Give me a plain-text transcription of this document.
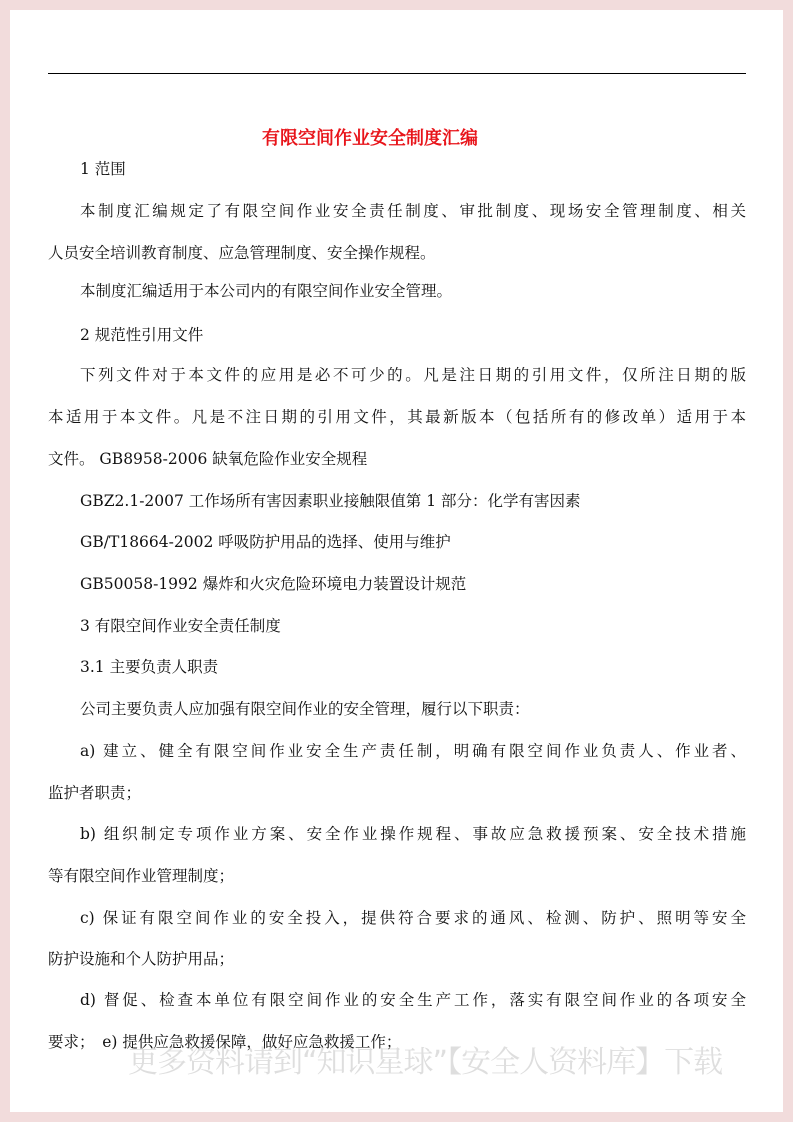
有限空间作业安全制度汇编
1 范围
本制度汇编规定了有限空间作业安全责任制度、审批制度、现场安全管理制度、相关
人员安全培训教育制度、应急管理制度、安全操作规程。
本制度汇编适用于本公司内的有限空间作业安全管理。
2 规范性引用文件
下列文件对于本文件的应用是必不可少的。凡是注日期的引用文件，仅所注日期的版
本适用于本文件。凡是不注日期的引用文件，其最新版本（包括所有的修改单）适用于本
文件。 GB8958-2006 缺氧危险作业安全规程
GBZ2.1-2007 工作场所有害因素职业接触限值第 1 部分：化学有害因素
GB/T18664-2002 呼吸防护用品的选择、使用与维护
GB50058-1992 爆炸和火灾危险环境电力装置设计规范
3 有限空间作业安全责任制度
3.1 主要负责人职责
公司主要负责人应加强有限空间作业的安全管理，履行以下职责：
a) 建立、健全有限空间作业安全生产责任制，明确有限空间作业负责人、作业者、
监护者职责；
b) 组织制定专项作业方案、安全作业操作规程、事故应急救援预案、安全技术措施
等有限空间作业管理制度；
c) 保证有限空间作业的安全投入，提供符合要求的通风、检测、防护、照明等安全
防护设施和个人防护用品；
d) 督促、检查本单位有限空间作业的安全生产工作，落实有限空间作业的各项安全
要求；　e) 提供应急救援保障，做好应急救援工作；
更多资料请到“知识星球”【安全人资料库】下载
